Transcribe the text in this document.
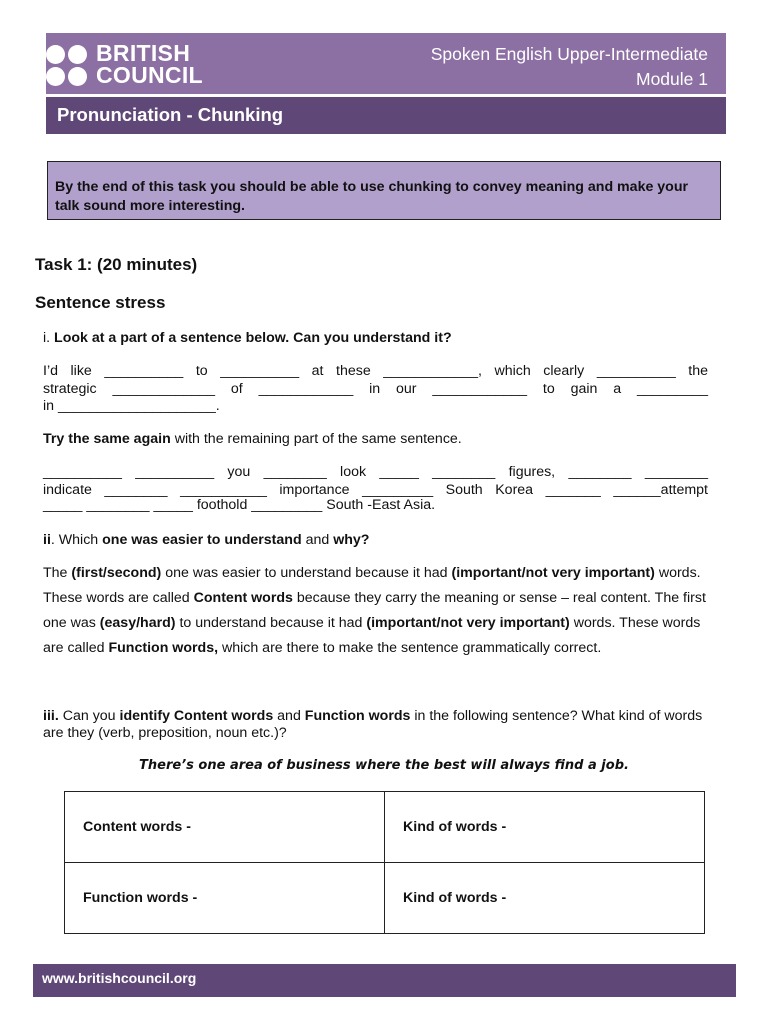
BRITISH
COUNCIL
Spoken English Upper-Intermediate
Module 1
Pronunciation - Chunking
By the end of this task you should be able to use chunking to convey meaning and make your talk sound more interesting.
Task 1: (20 minutes)
Sentence stress
i. Look at a part of a sentence below. Can you understand it?
I’d like __________ to __________ at these ____________, which clearly __________ the
strategic _____________ of ____________ in our ____________ to gain a _________
in ____________________.
Try the same again with the remaining part of the same sentence.
__________ __________ you ________ look _____ ________ figures, ________ ________
indicate ________ ___________ importance _________ South Korea _______ ______attempt
_____ ________ _____ foothold _________ South -East Asia.
ii. Which one was easier to understand and why?
The (first/second) one was easier to understand because it had (important/not very important) words. These words are called Content words because they carry the meaning or sense – real content. The first one was (easy/hard) to understand because it had (important/not very important) words. These words are called Function words, which are there to make the sentence grammatically correct.
iii. Can you identify Content words and Function words in the following sentence? What kind of words are they (verb, preposition, noun etc.)?
There’s one area of business where the best will always find a job.
Content words -	Kind of words -
Function words -	Kind of words -
www.britishcouncil.org
